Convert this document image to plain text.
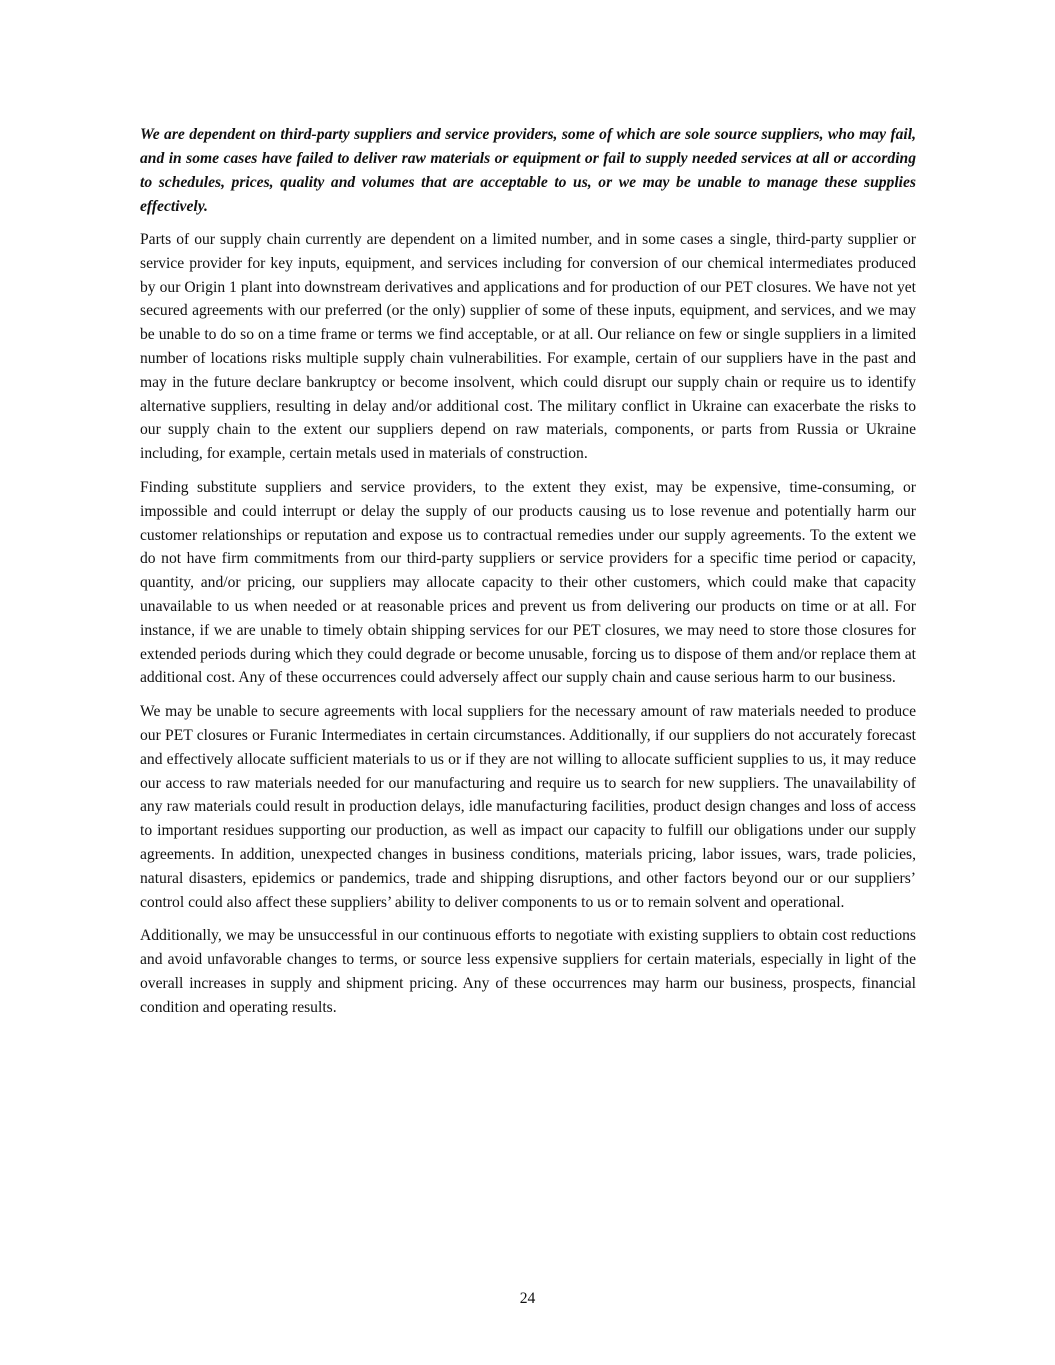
We are dependent on third-party suppliers and service providers, some of which are sole source suppliers, who may fail, and in some cases have failed to deliver raw materials or equipment or fail to supply needed services at all or according to schedules, prices, quality and volumes that are acceptable to us, or we may be unable to manage these supplies effectively.

Parts of our supply chain currently are dependent on a limited number, and in some cases a single, third-party supplier or service provider for key inputs, equipment, and services including for conversion of our chemical intermediates produced by our Origin 1 plant into downstream derivatives and applications and for production of our PET closures. We have not yet secured agreements with our preferred (or the only) supplier of some of these inputs, equipment, and services, and we may be unable to do so on a time frame or terms we find acceptable, or at all. Our reliance on few or single suppliers in a limited number of locations risks multiple supply chain vulnerabilities. For example, certain of our suppliers have in the past and may in the future declare bankruptcy or become insolvent, which could disrupt our supply chain or require us to identify alternative suppliers, resulting in delay and/or additional cost. The military conflict in Ukraine can exacerbate the risks to our supply chain to the extent our suppliers depend on raw materials, components, or parts from Russia or Ukraine including, for example, certain metals used in materials of construction.

Finding substitute suppliers and service providers, to the extent they exist, may be expensive, time-consuming, or impossible and could interrupt or delay the supply of our products causing us to lose revenue and potentially harm our customer relationships or reputation and expose us to contractual remedies under our supply agreements. To the extent we do not have firm commitments from our third-party suppliers or service providers for a specific time period or capacity, quantity, and/or pricing, our suppliers may allocate capacity to their other customers, which could make that capacity unavailable to us when needed or at reasonable prices and prevent us from delivering our products on time or at all. For instance, if we are unable to timely obtain shipping services for our PET closures, we may need to store those closures for extended periods during which they could degrade or become unusable, forcing us to dispose of them and/or replace them at additional cost. Any of these occurrences could adversely affect our supply chain and cause serious harm to our business.

We may be unable to secure agreements with local suppliers for the necessary amount of raw materials needed to produce our PET closures or Furanic Intermediates in certain circumstances. Additionally, if our suppliers do not accurately forecast and effectively allocate sufficient materials to us or if they are not willing to allocate sufficient supplies to us, it may reduce our access to raw materials needed for our manufacturing and require us to search for new suppliers. The unavailability of any raw materials could result in production delays, idle manufacturing facilities, product design changes and loss of access to important residues supporting our production, as well as impact our capacity to fulfill our obligations under our supply agreements. In addition, unexpected changes in business conditions, materials pricing, labor issues, wars, trade policies, natural disasters, epidemics or pandemics, trade and shipping disruptions, and other factors beyond our or our suppliers’ control could also affect these suppliers’ ability to deliver components to us or to remain solvent and operational.

Additionally, we may be unsuccessful in our continuous efforts to negotiate with existing suppliers to obtain cost reductions and avoid unfavorable changes to terms, or source less expensive suppliers for certain materials, especially in light of the overall increases in supply and shipment pricing. Any of these occurrences may harm our business, prospects, financial condition and operating results.

24
